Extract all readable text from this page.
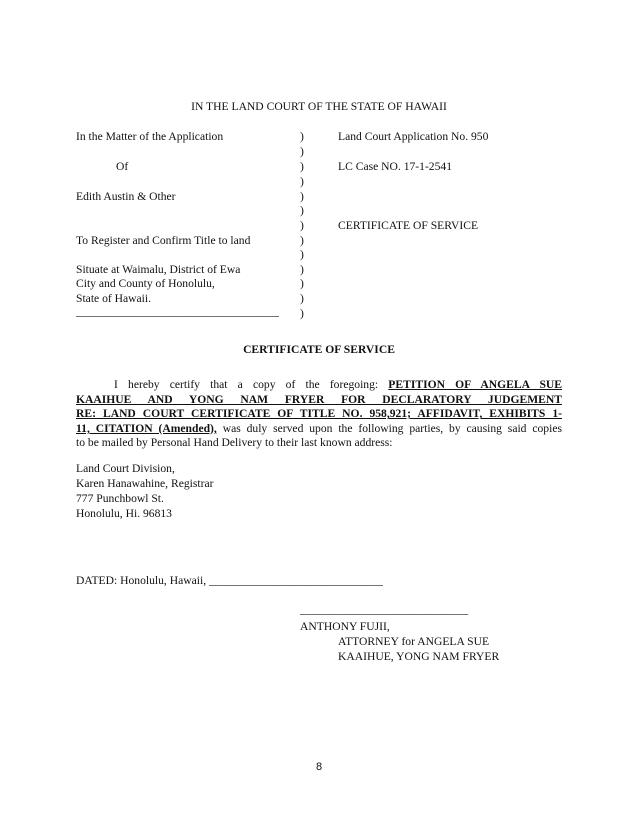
IN THE LAND COURT OF THE STATE OF HAWAII
In the Matter of the Application
Of
Edith Austin & Other
To Register and Confirm Title to land
Situate at Waimalu, District of Ewa
City and County of Honolulu,
State of Hawaii.
___________________________________
)
)
)
)
)
)
)
)
)
)
)
)
)
Land Court Application No. 950
LC Case NO. 17-1-2541
CERTIFICATE OF SERVICE
CERTIFICATE OF SERVICE
I hereby certify that a copy of the foregoing: PETITION OF ANGELA SUE
KAAIHUE AND YONG NAM FRYER FOR DECLARATORY JUDGEMENT
RE: LAND COURT CERTIFICATE OF TITLE NO. 958,921; AFFIDAVIT, EXHIBITS 1-
11, CITATION (Amended), was duly served upon the following parties, by causing said copies
to be mailed by Personal Hand Delivery to their last known address:
Land Court Division,
Karen Hanawahine, Registrar
777 Punchbowl St.
Honolulu, Hi. 96813
DATED: Honolulu, Hawaii, ______________________________
_____________________________
ANTHONY FUJII,
ATTORNEY for ANGELA SUE
KAAIHUE, YONG NAM FRYER
8
